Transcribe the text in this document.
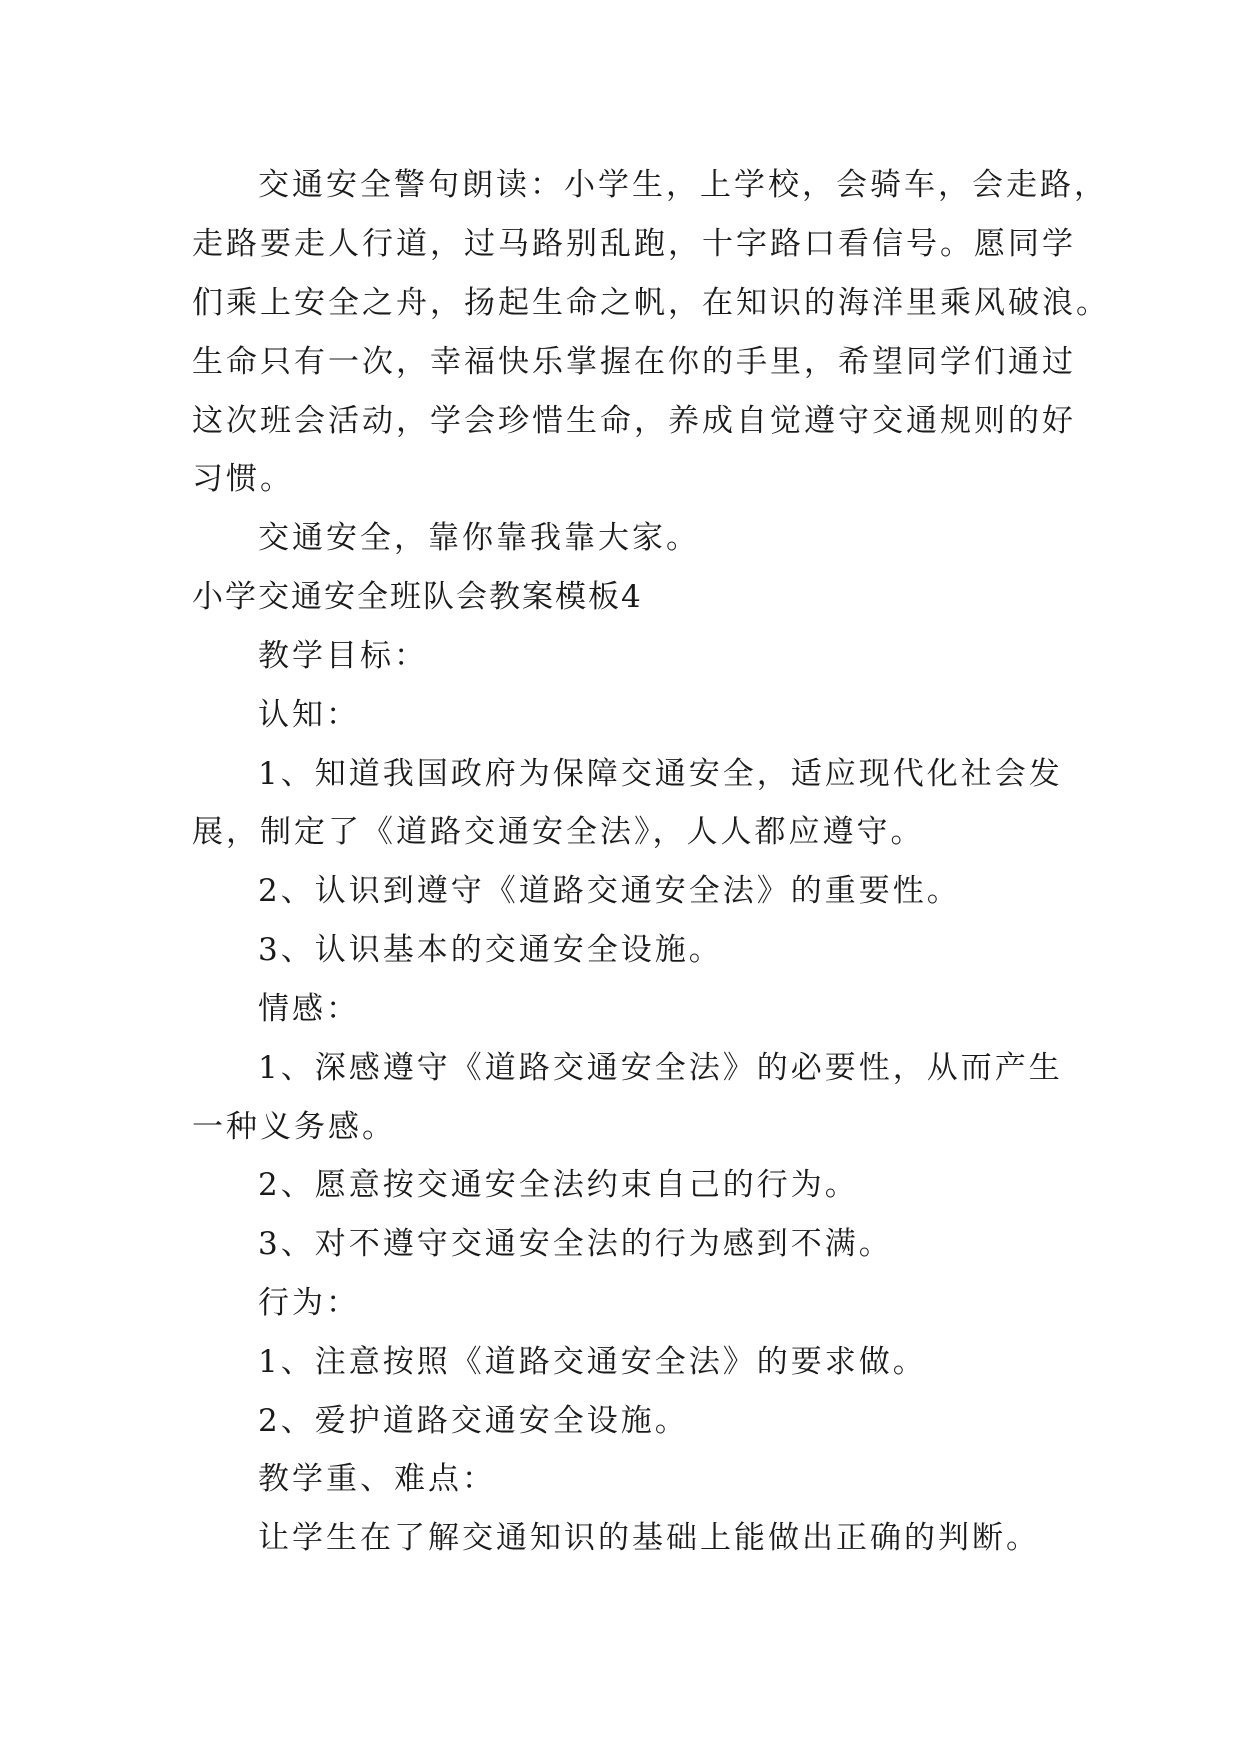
交通安全警句朗读：小学生，上学校，会骑车，会走路，
走路要走人行道，过马路别乱跑，十字路口看信号。愿同学
们乘上安全之舟，扬起生命之帆，在知识的海洋里乘风破浪。
生命只有一次，幸福快乐掌握在你的手里，希望同学们通过
这次班会活动，学会珍惜生命，养成自觉遵守交通规则的好
习惯。
交通安全，靠你靠我靠大家。
小学交通安全班队会教案模板4
教学目标：
认知：
1、知道我国政府为保障交通安全，适应现代化社会发
展，制定了《道路交通安全法》，人人都应遵守。
2、认识到遵守《道路交通安全法》的重要性。
3、认识基本的交通安全设施。
情感：
1、深感遵守《道路交通安全法》的必要性，从而产生
一种义务感。
2、愿意按交通安全法约束自己的行为。
3、对不遵守交通安全法的行为感到不满。
行为：
1、注意按照《道路交通安全法》的要求做。
2、爱护道路交通安全设施。
教学重、难点：
让学生在了解交通知识的基础上能做出正确的判断。
